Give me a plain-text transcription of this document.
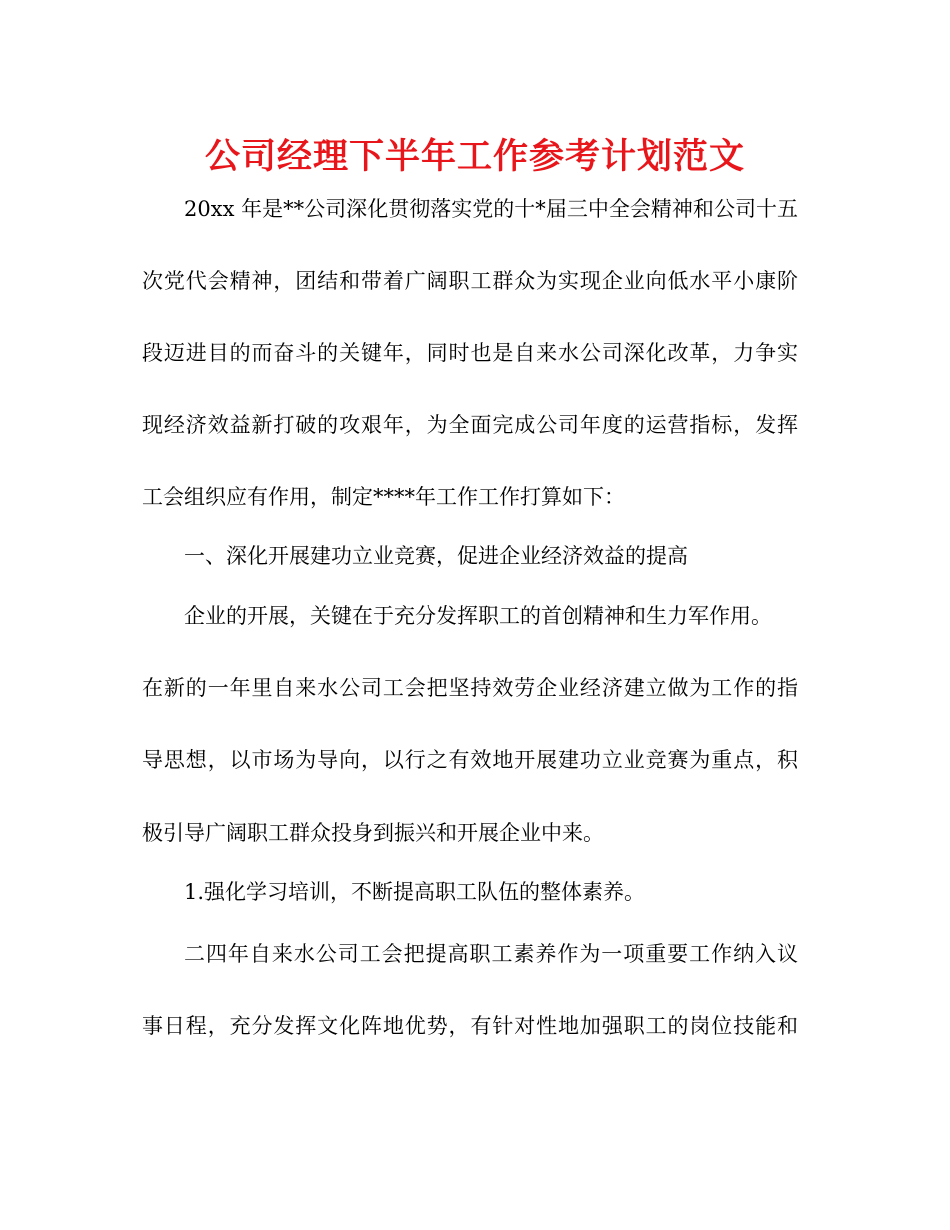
公司经理下半年工作参考计划范文
20xx 年是**公司深化贯彻落实党的十*届三中全会精神和公司十五
次党代会精神，团结和带着广阔职工群众为实现企业向低水平小康阶
段迈进目的而奋斗的关键年，同时也是自来水公司深化改革，力争实
现经济效益新打破的攻艰年，为全面完成公司年度的运营指标，发挥
工会组织应有作用，制定****年工作工作打算如下：
一、深化开展建功立业竞赛，促进企业经济效益的提高
企业的开展，关键在于充分发挥职工的首创精神和生力军作用。
在新的一年里自来水公司工会把坚持效劳企业经济建立做为工作的指
导思想，以市场为导向，以行之有效地开展建功立业竞赛为重点，积
极引导广阔职工群众投身到振兴和开展企业中来。
1.强化学习培训，不断提高职工队伍的整体素养。
二四年自来水公司工会把提高职工素养作为一项重要工作纳入议
事日程，充分发挥文化阵地优势，有针对性地加强职工的岗位技能和
